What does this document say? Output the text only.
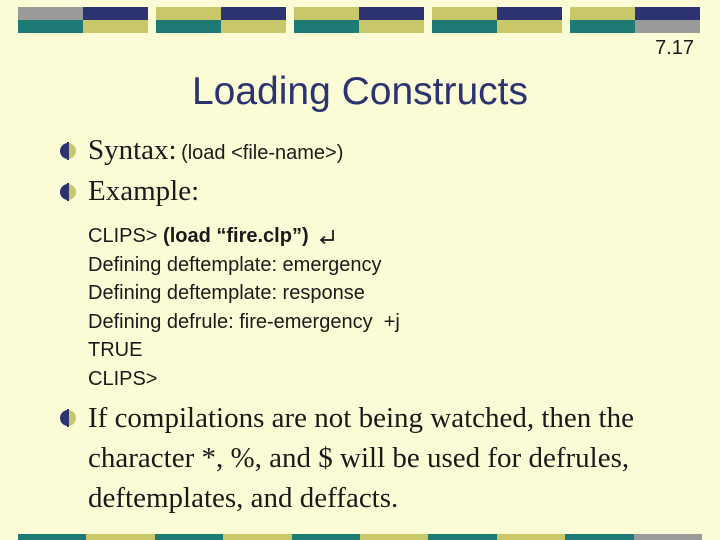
7.17
Loading Constructs
Syntax: (load <file-name>)
Example:
CLIPS> (load “fire.clp”)
Defining deftemplate: emergency
Defining deftemplate: response
Defining defrule: fire-emergency  +j
TRUE
CLIPS>
If compilations are not being watched, then the character *, %, and $ will be used for defrules, deftemplates, and deffacts.
